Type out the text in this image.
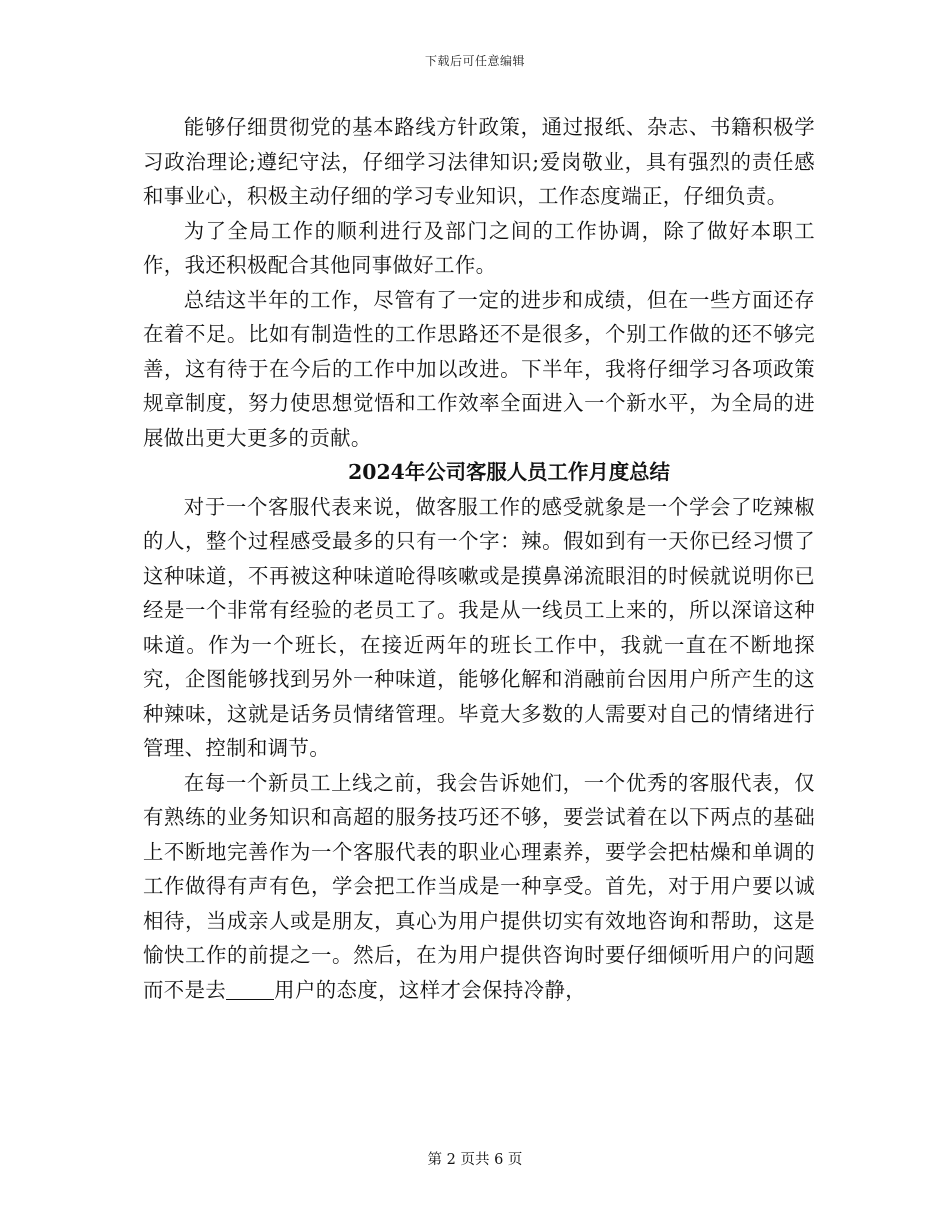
下载后可任意编辑

能够仔细贯彻党的基本路线方针政策，通过报纸、杂志、书籍积极学习政治理论;遵纪守法，仔细学习法律知识;爱岗敬业，具有强烈的责任感和事业心，积极主动仔细的学习专业知识，工作态度端正，仔细负责。

为了全局工作的顺利进行及部门之间的工作协调，除了做好本职工作，我还积极配合其他同事做好工作。

总结这半年的工作，尽管有了一定的进步和成绩，但在一些方面还存在着不足。比如有制造性的工作思路还不是很多，个别工作做的还不够完善，这有待于在今后的工作中加以改进。下半年，我将仔细学习各项政策规章制度，努力使思想觉悟和工作效率全面进入一个新水平，为全局的进展做出更大更多的贡献。

2024年公司客服人员工作月度总结

对于一个客服代表来说，做客服工作的感受就象是一个学会了吃辣椒的人，整个过程感受最多的只有一个字：辣。假如到有一天你已经习惯了这种味道，不再被这种味道呛得咳嗽或是摸鼻涕流眼泪的时候就说明你已经是一个非常有经验的老员工了。我是从一线员工上来的，所以深谙这种味道。作为一个班长，在接近两年的班长工作中，我就一直在不断地探究，企图能够找到另外一种味道，能够化解和消融前台因用户所产生的这种辣味，这就是话务员情绪管理。毕竟大多数的人需要对自己的情绪进行管理、控制和调节。

在每一个新员工上线之前，我会告诉她们，一个优秀的客服代表，仅有熟练的业务知识和高超的服务技巧还不够，要尝试着在以下两点的基础上不断地完善作为一个客服代表的职业心理素养，要学会把枯燥和单调的工作做得有声有色，学会把工作当成是一种享受。首先，对于用户要以诚相待，当成亲人或是朋友，真心为用户提供切实有效地咨询和帮助，这是愉快工作的前提之一。然后，在为用户提供咨询时要仔细倾听用户的问题而不是去 用户的态度，这样才会保持冷静，

第 2 页共 6 页
